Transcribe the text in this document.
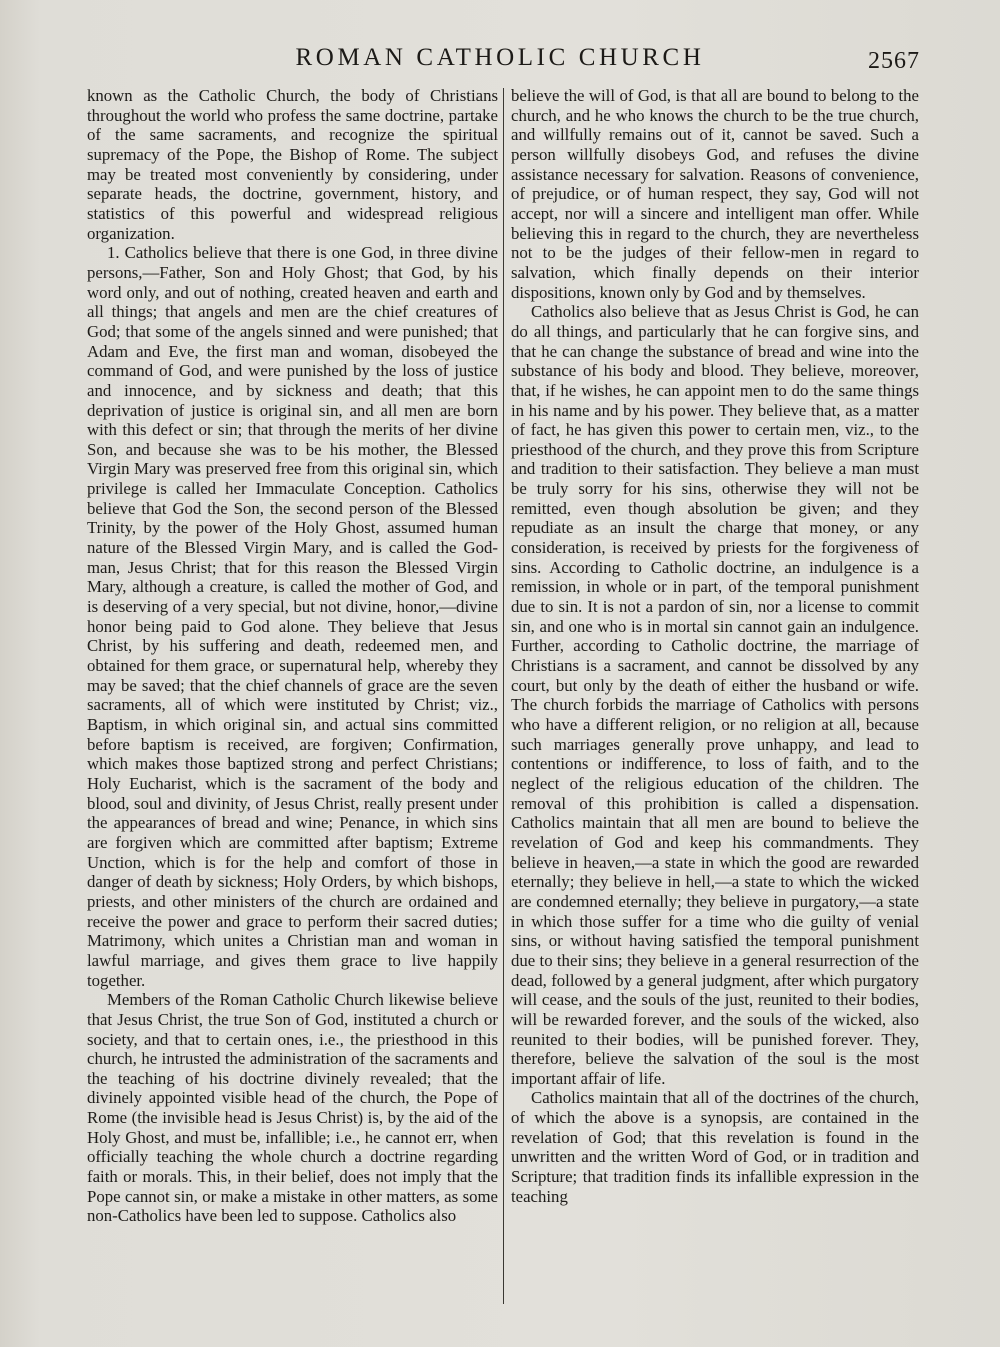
ROMAN CATHOLIC CHURCH	2567

known as the Catholic Church, the body of Christians throughout the world who profess the same doctrine, partake of the same sacraments, and recognize the spiritual supremacy of the Pope, the Bishop of Rome. The subject may be treated most conveniently by considering, under separate heads, the doctrine, government, history, and statistics of this powerful and widespread religious organization.

1. Catholics believe that there is one God, in three divine persons,—Father, Son and Holy Ghost; that God, by his word only, and out of nothing, created heaven and earth and all things; that angels and men are the chief creatures of God; that some of the angels sinned and were punished; that Adam and Eve, the first man and woman, disobeyed the command of God, and were punished by the loss of justice and innocence, and by sickness and death; that this deprivation of justice is original sin, and all men are born with this defect or sin; that through the merits of her divine Son, and because she was to be his mother, the Blessed Virgin Mary was preserved free from this original sin, which privilege is called her Immaculate Conception. Catholics believe that God the Son, the second person of the Blessed Trinity, by the power of the Holy Ghost, assumed human nature of the Blessed Virgin Mary, and is called the God-man, Jesus Christ; that for this reason the Blessed Virgin Mary, although a creature, is called the mother of God, and is deserving of a very special, but not divine, honor,—divine honor being paid to God alone. They believe that Jesus Christ, by his suffering and death, redeemed men, and obtained for them grace, or supernatural help, whereby they may be saved; that the chief channels of grace are the seven sacraments, all of which were instituted by Christ; viz., Baptism, in which original sin, and actual sins committed before baptism is received, are forgiven; Confirmation, which makes those baptized strong and perfect Christians; Holy Eucharist, which is the sacrament of the body and blood, soul and divinity, of Jesus Christ, really present under the appearances of bread and wine; Penance, in which sins are forgiven which are committed after baptism; Extreme Unction, which is for the help and comfort of those in danger of death by sickness; Holy Orders, by which bishops, priests, and other ministers of the church are ordained and receive the power and grace to perform their sacred duties; Matrimony, which unites a Christian man and woman in lawful marriage, and gives them grace to live happily together.

Members of the Roman Catholic Church likewise believe that Jesus Christ, the true Son of God, instituted a church or society, and that to certain ones, i.e., the priesthood in this church, he intrusted the administration of the sacraments and the teaching of his doctrine divinely revealed; that the divinely appointed visible head of the church, the Pope of Rome (the invisible head is Jesus Christ) is, by the aid of the Holy Ghost, and must be, infallible; i.e., he cannot err, when officially teaching the whole church a doctrine regarding faith or morals. This, in their belief, does not imply that the Pope cannot sin, or make a mistake in other matters, as some non-Catholics have been led to suppose. Catholics also

believe the will of God, is that all are bound to belong to the church, and he who knows the church to be the true church, and willfully remains out of it, cannot be saved. Such a person willfully disobeys God, and refuses the divine assistance necessary for salvation. Reasons of convenience, of prejudice, or of human respect, they say, God will not accept, nor will a sincere and intelligent man offer. While believing this in regard to the church, they are nevertheless not to be the judges of their fellow-men in regard to salvation, which finally depends on their interior dispositions, known only by God and by themselves.

Catholics also believe that as Jesus Christ is God, he can do all things, and particularly that he can forgive sins, and that he can change the substance of bread and wine into the substance of his body and blood. They believe, moreover, that, if he wishes, he can appoint men to do the same things in his name and by his power. They believe that, as a matter of fact, he has given this power to certain men, viz., to the priesthood of the church, and they prove this from Scripture and tradition to their satisfaction. They believe a man must be truly sorry for his sins, otherwise they will not be remitted, even though absolution be given; and they repudiate as an insult the charge that money, or any consideration, is received by priests for the forgiveness of sins. According to Catholic doctrine, an indulgence is a remission, in whole or in part, of the temporal punishment due to sin. It is not a pardon of sin, nor a license to commit sin, and one who is in mortal sin cannot gain an indulgence. Further, according to Catholic doctrine, the marriage of Christians is a sacrament, and cannot be dissolved by any court, but only by the death of either the husband or wife. The church forbids the marriage of Catholics with persons who have a different religion, or no religion at all, because such marriages generally prove unhappy, and lead to contentions or indifference, to loss of faith, and to the neglect of the religious education of the children. The removal of this prohibition is called a dispensation. Catholics maintain that all men are bound to believe the revelation of God and keep his commandments. They believe in heaven,—a state in which the good are rewarded eternally; they believe in hell,—a state to which the wicked are condemned eternally; they believe in purgatory,—a state in which those suffer for a time who die guilty of venial sins, or without having satisfied the temporal punishment due to their sins; they believe in a general resurrection of the dead, followed by a general judgment, after which purgatory will cease, and the souls of the just, reunited to their bodies, will be rewarded forever, and the souls of the wicked, also reunited to their bodies, will be punished forever. They, therefore, believe the salvation of the soul is the most important affair of life.

Catholics maintain that all of the doctrines of the church, of which the above is a synopsis, are contained in the revelation of God; that this revelation is found in the unwritten and the written Word of God, or in tradition and Scripture; that tradition finds its infallible expression in the teaching
